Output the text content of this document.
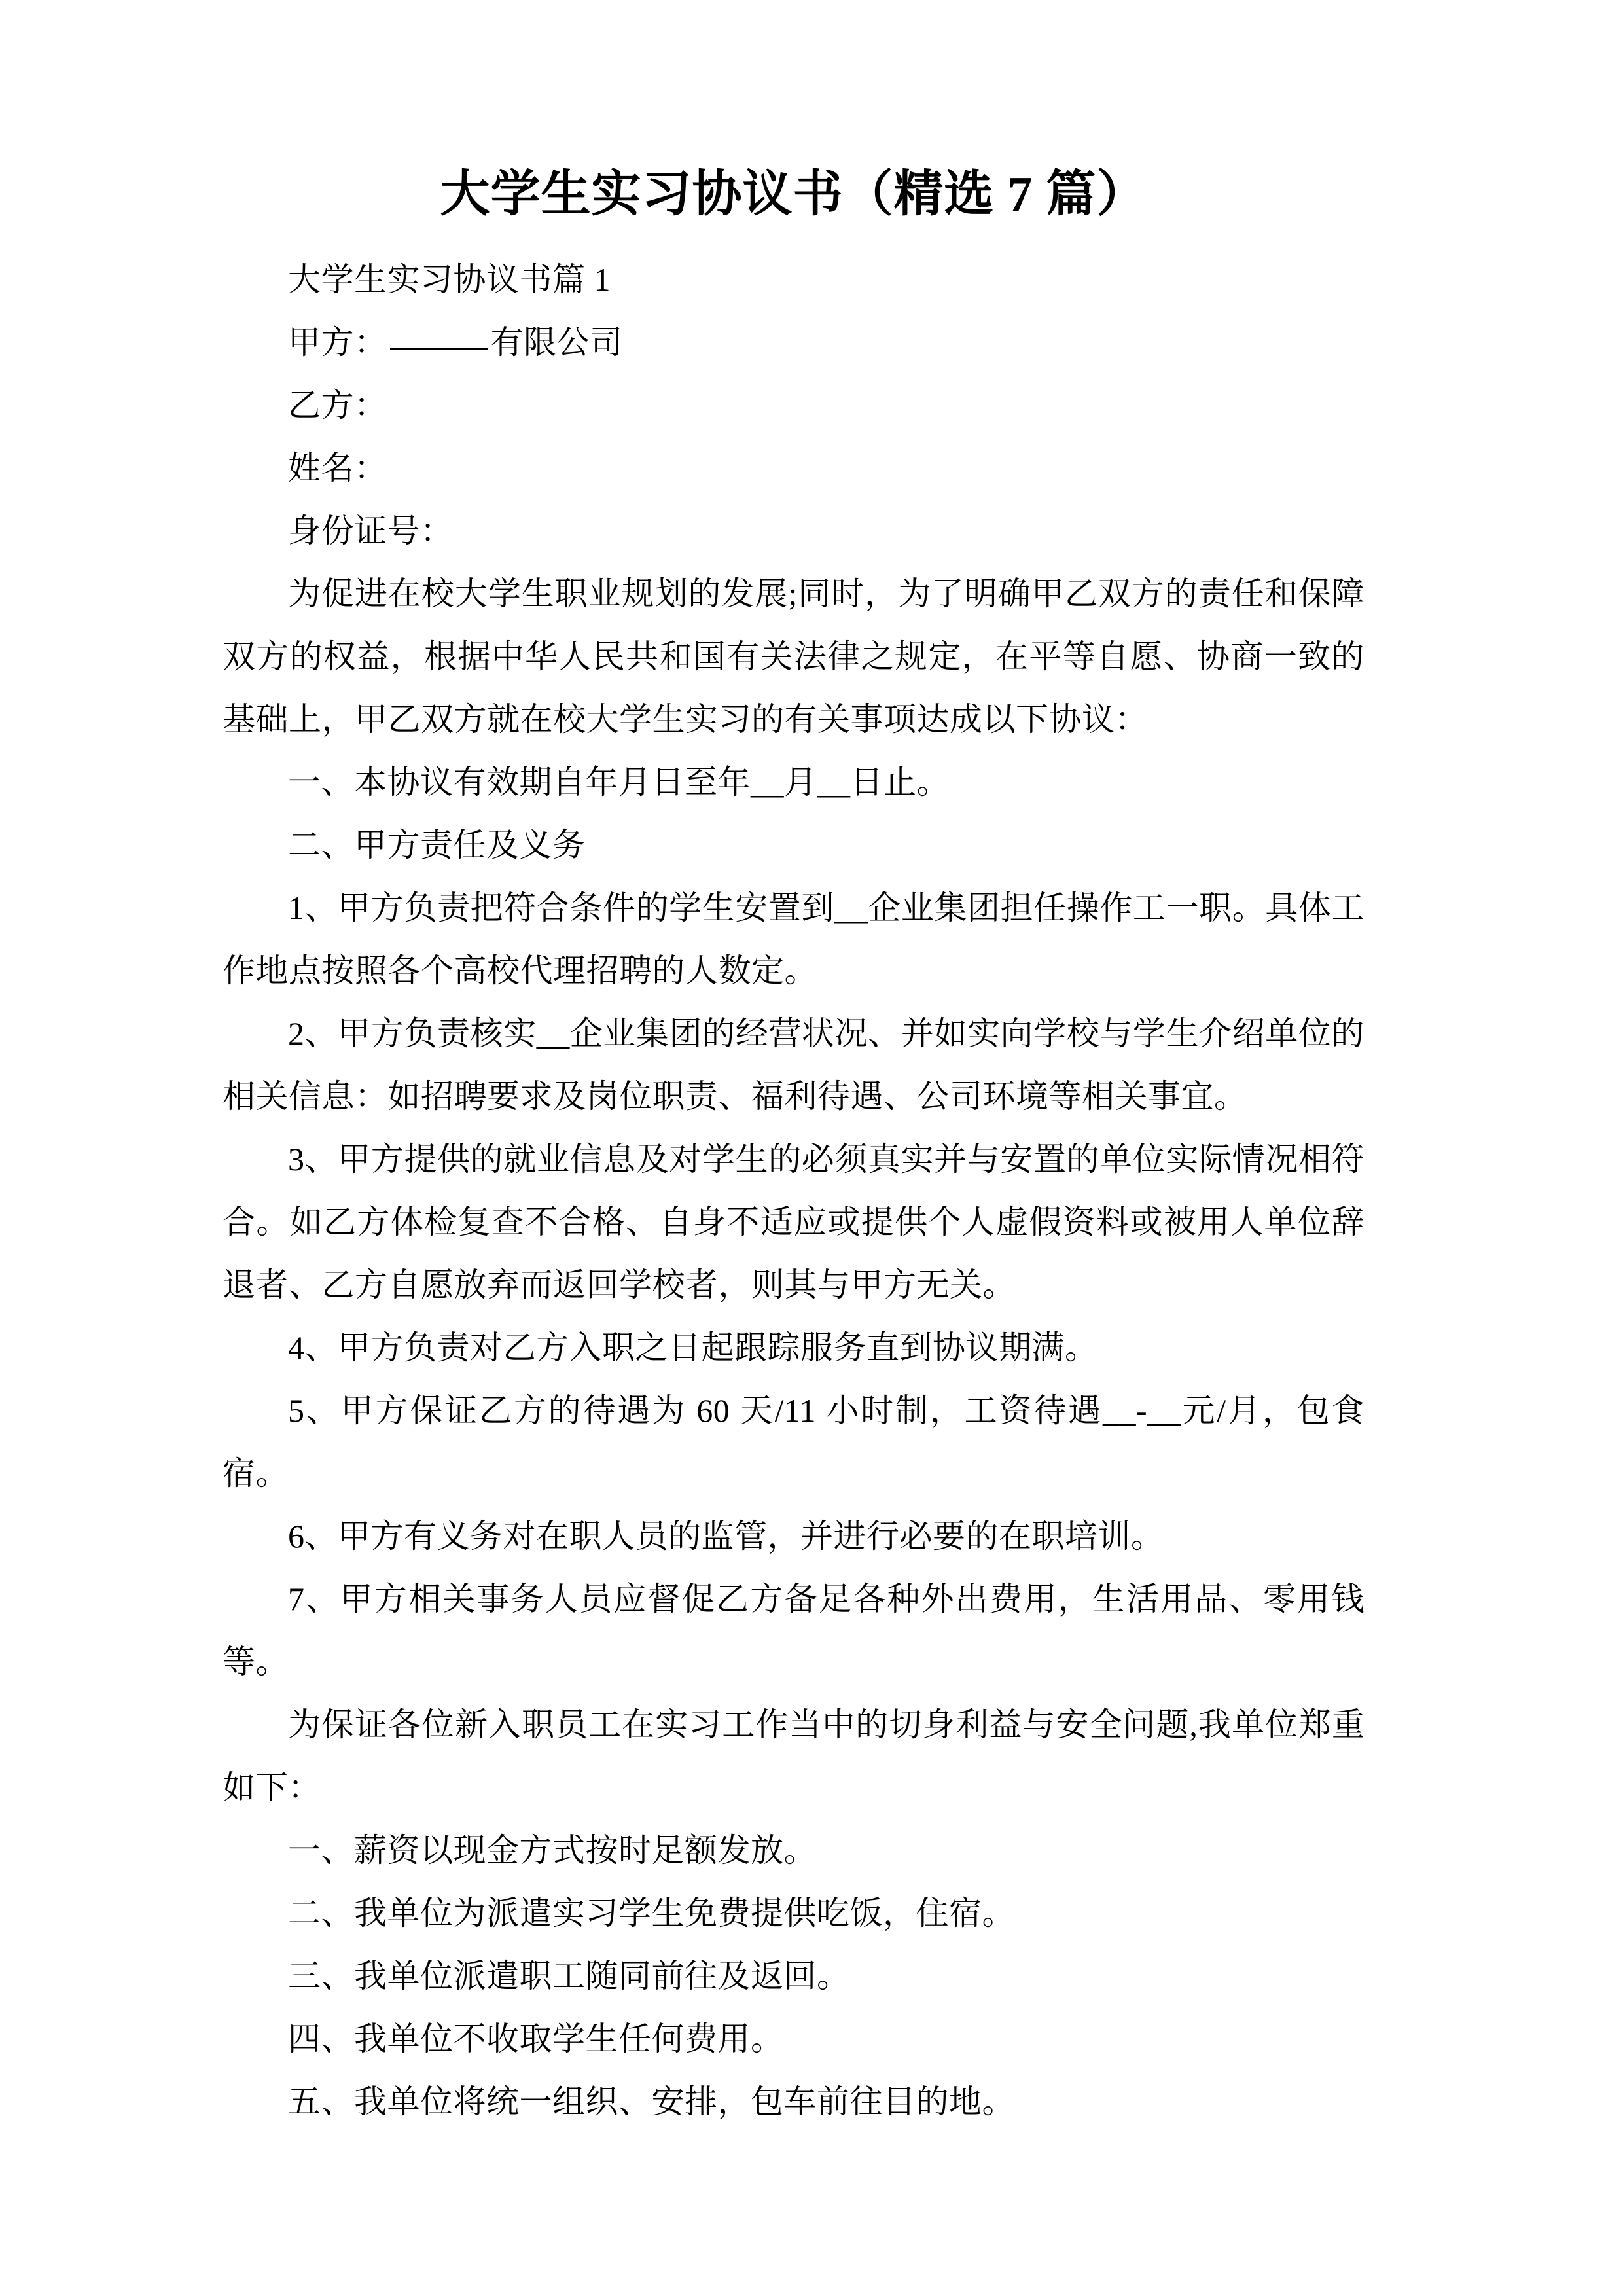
大学生实习协议书（精选 7 篇）

大学生实习协议书篇 1

甲方：	有限公司

乙方：

姓名：

身份证号：

为促进在校大学生职业规划的发展;同时，为了明确甲乙双方的责任和保障双方的权益，根据中华人民共和国有关法律之规定，在平等自愿、协商一致的基础上，甲乙双方就在校大学生实习的有关事项达成以下协议：

一、本协议有效期自年月日至年__月__日止。

二、甲方责任及义务

1、甲方负责把符合条件的学生安置到__企业集团担任操作工一职。具体工作地点按照各个高校代理招聘的人数定。

2、甲方负责核实__企业集团的经营状况、并如实向学校与学生介绍单位的相关信息：如招聘要求及岗位职责、福利待遇、公司环境等相关事宜。

3、甲方提供的就业信息及对学生的必须真实并与安置的单位实际情况相符合。如乙方体检复查不合格、自身不适应或提供个人虚假资料或被用人单位辞退者、乙方自愿放弃而返回学校者，则其与甲方无关。

4、甲方负责对乙方入职之日起跟踪服务直到协议期满。

5、甲方保证乙方的待遇为 60 天/11 小时制，工资待遇__-__元/月，包食宿。

6、甲方有义务对在职人员的监管，并进行必要的在职培训。

7、甲方相关事务人员应督促乙方备足各种外出费用，生活用品、零用钱等。

为保证各位新入职员工在实习工作当中的切身利益与安全问题,我单位郑重如下：

一、薪资以现金方式按时足额发放。

二、我单位为派遣实习学生免费提供吃饭，住宿。

三、我单位派遣职工随同前往及返回。

四、我单位不收取学生任何费用。

五、我单位将统一组织、安排，包车前往目的地。
